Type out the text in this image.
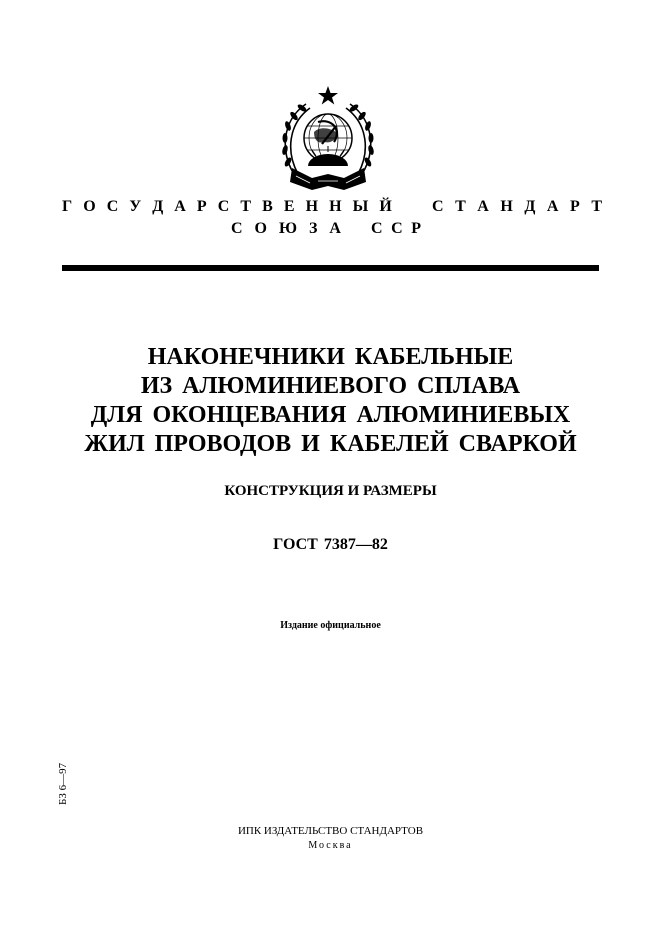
Г О С У Д А Р С Т В Е Н Н Ы Й	С Т А Н Д А Р Т
С О Ю З А С С Р
НАКОНЕЧНИКИ КАБЕЛЬНЫЕ
ИЗ АЛЮМИНИЕВОГО СПЛАВА
ДЛЯ ОКОНЦЕВАНИЯ АЛЮМИНИЕВЫХ
ЖИЛ ПРОВОДОВ И КАБЕЛЕЙ СВАРКОЙ
КОНСТРУКЦИЯ И РАЗМЕРЫ
ГОСТ 7387—82
Издание официальное
БЗ 6—97
ИПК ИЗДАТЕЛЬСТВО СТАНДАРТОВ
Москва
